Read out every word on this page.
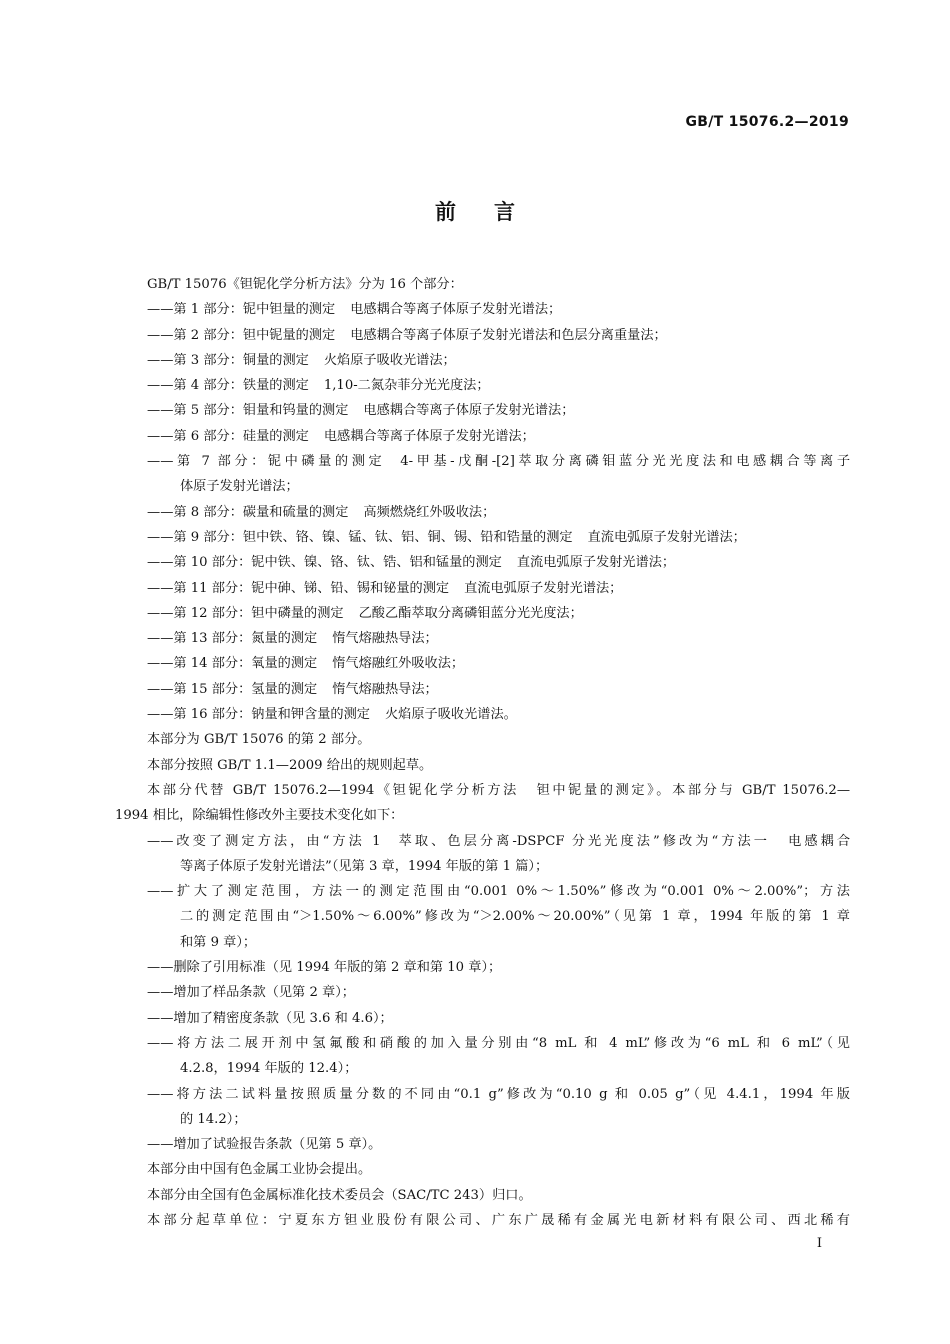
GB/T 15076.2—2019
前言
GB/T 15076《钽铌化学分析方法》分为 16 个部分：
——第 1 部分：铌中钽量的测定 电感耦合等离子体原子发射光谱法；
——第 2 部分：钽中铌量的测定 电感耦合等离子体原子发射光谱法和色层分离重量法；
——第 3 部分：铜量的测定 火焰原子吸收光谱法；
——第 4 部分：铁量的测定 1,10-二氮杂菲分光光度法；
——第 5 部分：钼量和钨量的测定 电感耦合等离子体原子发射光谱法；
——第 6 部分：硅量的测定 电感耦合等离子体原子发射光谱法；
——第 7 部分：铌中磷量的测定 4-甲基-戊酮-[2]萃取分离磷钼蓝分光光度法和电感耦合等离子
体原子发射光谱法；
——第 8 部分：碳量和硫量的测定 高频燃烧红外吸收法；
——第 9 部分：钽中铁、铬、镍、锰、钛、铝、铜、锡、铅和锆量的测定 直流电弧原子发射光谱法；
——第 10 部分：铌中铁、镍、铬、钛、锆、铝和锰量的测定 直流电弧原子发射光谱法；
——第 11 部分：铌中砷、锑、铅、锡和铋量的测定 直流电弧原子发射光谱法；
——第 12 部分：钽中磷量的测定 乙酸乙酯萃取分离磷钼蓝分光光度法；
——第 13 部分：氮量的测定 惰气熔融热导法；
——第 14 部分：氧量的测定 惰气熔融红外吸收法；
——第 15 部分：氢量的测定 惰气熔融热导法；
——第 16 部分：钠量和钾含量的测定 火焰原子吸收光谱法。
本部分为 GB/T 15076 的第 2 部分。
本部分按照 GB/T 1.1—2009 给出的规则起草。
本部分代替 GB/T 15076.2—1994《钽铌化学分析方法 钽中铌量的测定》。本部分与 GB/T 15076.2—
1994 相比，除编辑性修改外主要技术变化如下：
——改变了测定方法，由“方法 1 萃取、色层分离-DSPCF 分光光度法”修改为“方法一 电感耦合
等离子体原子发射光谱法”（见第 3 章，1994 年版的第 1 篇）；
——扩大了测定范围，方法一的测定范围由“0.001 0%～1.50%”修改为“0.001 0%～2.00%”；方法
二的测定范围由“＞1.50%～6.00%”修改为“＞2.00%～20.00%”（见第 1 章，1994 年版的第 1 章
和第 9 章）；
——删除了引用标准（见 1994 年版的第 2 章和第 10 章）；
——增加了样品条款（见第 2 章）；
——增加了精密度条款（见 3.6 和 4.6）；
——将方法二展开剂中氢氟酸和硝酸的加入量分别由“8 mL 和 4 mL”修改为“6 mL 和 6 mL”（见
4.2.8，1994 年版的 12.4）；
——将方法二试料量按照质量分数的不同由“0.1 g”修改为“0.10 g 和 0.05 g”（见 4.4.1，1994 年版
的 14.2）；
——增加了试验报告条款（见第 5 章）。
本部分由中国有色金属工业协会提出。
本部分由全国有色金属标准化技术委员会（SAC/TC 243）归口。
本部分起草单位：宁夏东方钽业股份有限公司、广东广晟稀有金属光电新材料有限公司、西北稀有
I
